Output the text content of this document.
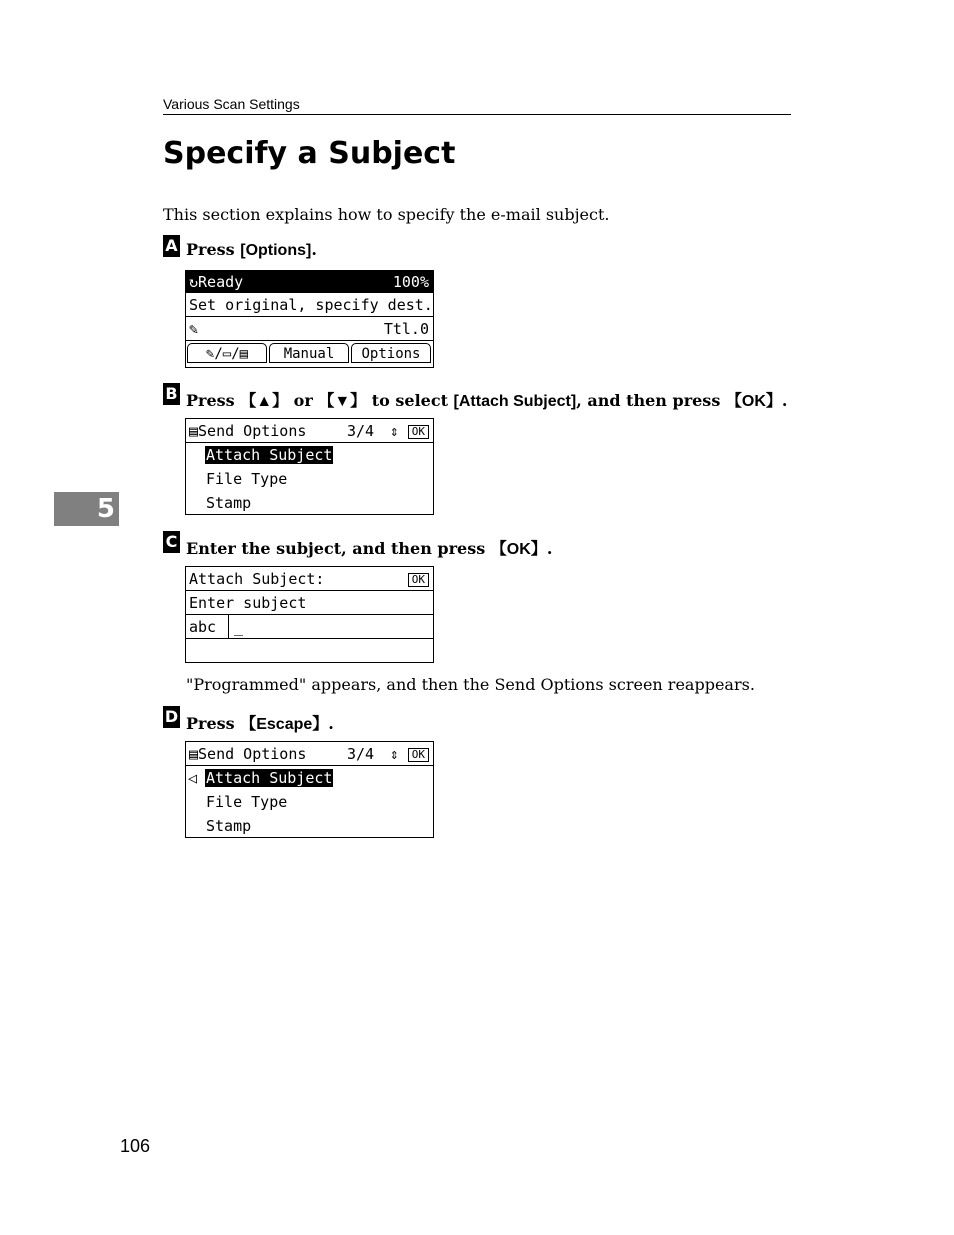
Various Scan Settings
Specify a Subject
This section explains how to specify the e-mail subject.
A Press [Options].
↻Ready	100%
Set original, specify dest.
✎	Ttl.0
✎/▭/▤	Manual	Options
B Press 【▲】 or 【▼】 to select [Attach Subject], and then press 【OK】.
▤Send Options	3/4 ⇕ OK
Attach Subject
File Type
Stamp
5
C Enter the subject, and then press 【OK】.
Attach Subject:	OK
Enter subject
abc _
"Programmed" appears, and then the Send Options screen reappears.
D Press 【Escape】.
▤Send Options	3/4 ⇕ OK
◁ Attach Subject
File Type
Stamp
106
